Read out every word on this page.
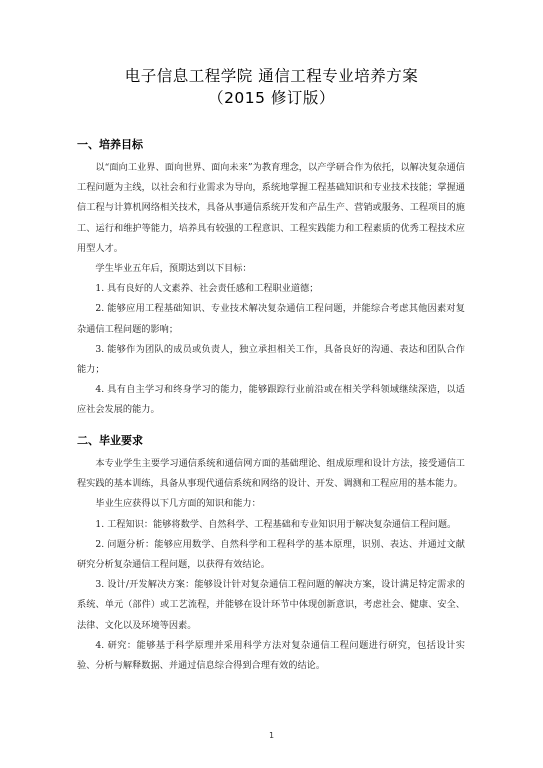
电子信息工程学院 通信工程专业培养方案
（2015 修订版）
一、培养目标

以“面向工业界、面向世界、面向未来”为教育理念，以产学研合作为依托，以解决复杂通信工程问题为主线，以社会和行业需求为导向，系统地掌握工程基础知识和专业技术技能；掌握通信工程与计算机网络相关技术，具备从事通信系统开发和产品生产、营销或服务、工程项目的施工、运行和维护等能力，培养具有较强的工程意识、工程实践能力和工程素质的优秀工程技术应用型人才。

学生毕业五年后，预期达到以下目标：

1. 具有良好的人文素养、社会责任感和工程职业道德；

2. 能够应用工程基础知识、专业技术解决复杂通信工程问题，并能综合考虑其他因素对复杂通信工程问题的影响；

3. 能够作为团队的成员或负责人，独立承担相关工作，具备良好的沟通、表达和团队合作能力；

4. 具有自主学习和终身学习的能力，能够跟踪行业前沿或在相关学科领域继续深造，以适应社会发展的能力。

二、毕业要求

本专业学生主要学习通信系统和通信网方面的基础理论、组成原理和设计方法，接受通信工程实践的基本训练，具备从事现代通信系统和网络的设计、开发、调测和工程应用的基本能力。

毕业生应获得以下几方面的知识和能力：

1. 工程知识：能够将数学、自然科学、工程基础和专业知识用于解决复杂通信工程问题。

2. 问题分析：能够应用数学、自然科学和工程科学的基本原理，识别、表达、并通过文献研究分析复杂通信工程问题，以获得有效结论。

3. 设计/开发解决方案：能够设计针对复杂通信工程问题的解决方案，设计满足特定需求的系统、单元（部件）或工艺流程，并能够在设计环节中体现创新意识，考虑社会、健康、安全、法律、文化以及环境等因素。

4. 研究：能够基于科学原理并采用科学方法对复杂通信工程问题进行研究，包括设计实验、分析与解释数据、并通过信息综合得到合理有效的结论。

1
